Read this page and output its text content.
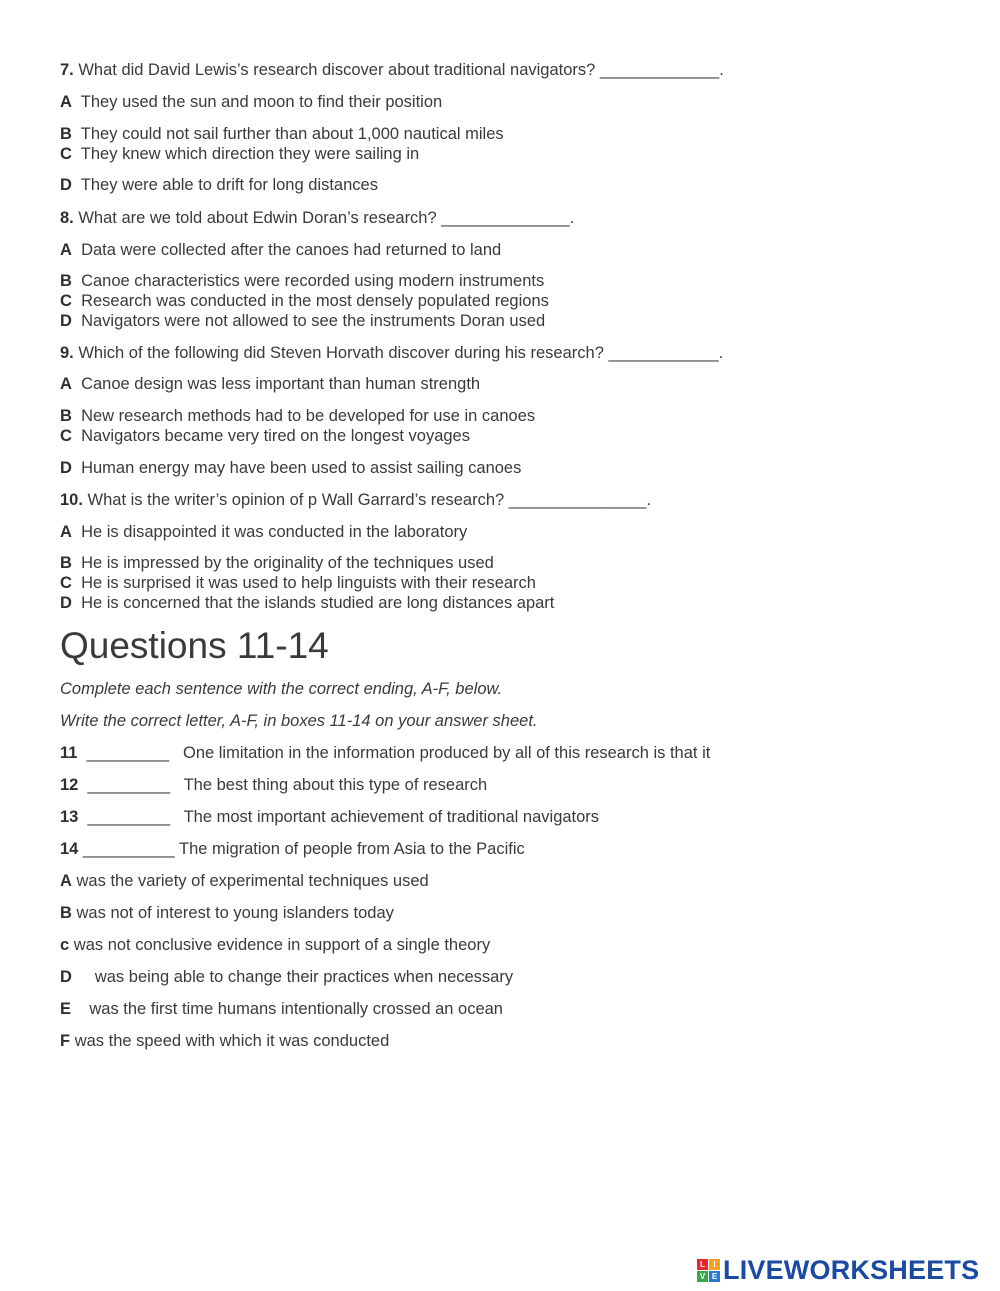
7. What did David Lewis’s research discover about traditional navigators? _____________.
A They used the sun and moon to find their position
B They could not sail further than about 1,000 nautical miles
C They knew which direction they were sailing in
D They were able to drift for long distances
8. What are we told about Edwin Doran’s research? ______________.
A Data were collected after the canoes had returned to land
B Canoe characteristics were recorded using modern instruments
C Research was conducted in the most densely populated regions
D Navigators were not allowed to see the instruments Doran used
9. Which of the following did Steven Horvath discover during his research? ____________.
A Canoe design was less important than human strength
B New research methods had to be developed for use in canoes
C Navigators became very tired on the longest voyages
D Human energy may have been used to assist sailing canoes
10. What is the writer’s opinion of p Wall Garrard’s research? _______________.
A He is disappointed it was conducted in the laboratory
B He is impressed by the originality of the techniques used
C He is surprised it was used to help linguists with their research
D He is concerned that the islands studied are long distances apart
Questions 11-14
Complete each sentence with the correct ending, A-F, below.
Write the correct letter, A-F, in boxes 11-14 on your answer sheet.
11 _________ One limitation in the information produced by all of this research is that it
12 _________ The best thing about this type of research
13 _________ The most important achievement of traditional navigators
14 __________ The migration of people from Asia to the Pacific
A was the variety of experimental techniques used
B was not of interest to young islanders today
c was not conclusive evidence in support of a single theory
D was being able to change their practices when necessary
E was the first time humans intentionally crossed an ocean
F was the speed with which it was conducted
L	I
V E LIVEWORKSHEETS
